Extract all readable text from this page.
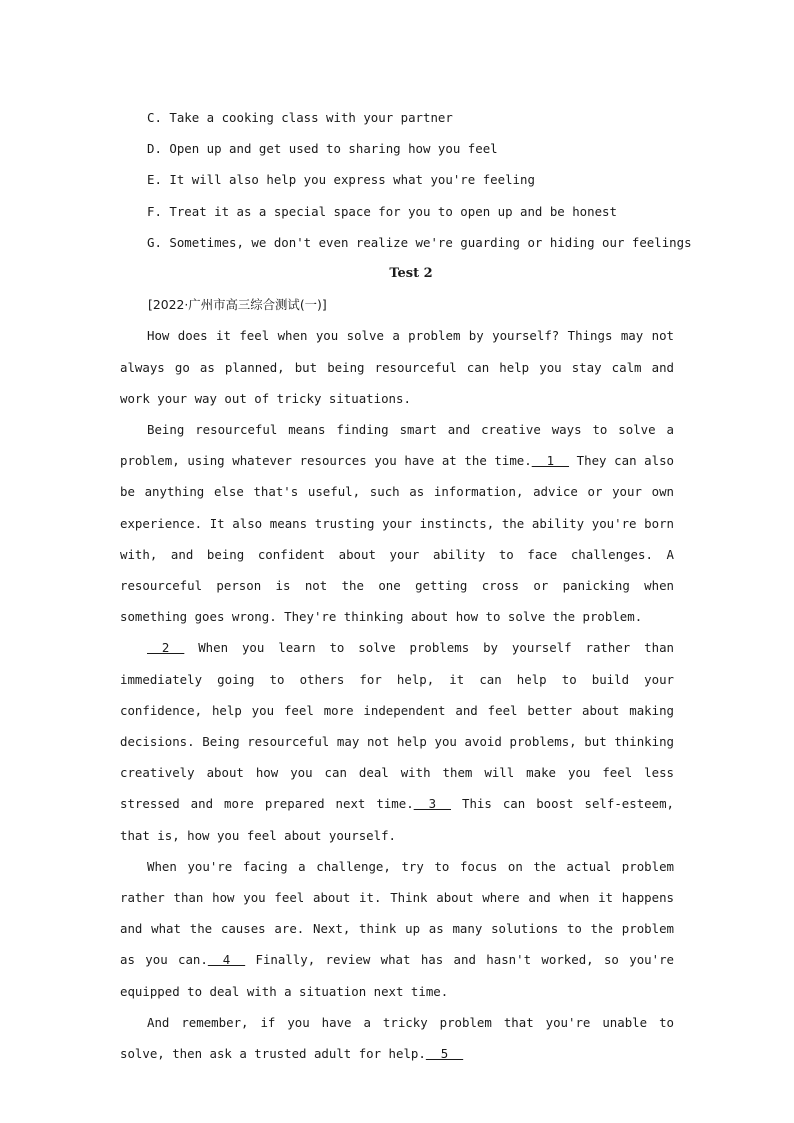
C. Take a cooking class with your partner

D. Open up and get used to sharing how you feel

E. It will also help you express what you're feeling

F. Treat it as a special space for you to open up and be honest

G. Sometimes, we don't even realize we're guarding or hiding our feelings

Test 2

[2022·广州市高三综合测试(一)]

How does it feel when you solve a problem by yourself? Things may not always go as planned, but being resourceful can help you stay calm and work your way out of tricky situations.

Being resourceful means finding smart and creative ways to solve a problem, using whatever resources you have at the time.  1   They can also be anything else that's useful, such as information, advice or your own experience. It also means trusting your instincts, the ability you're born with, and being confident about your ability to face challenges. A resourceful person is not the one getting cross or panicking when something goes wrong. They're thinking about how to solve the problem.

2   When you learn to solve problems by yourself rather than immediately going to others for help, it can help to build your confidence, help you feel more independent and feel better about making decisions. Being resourceful may not help you avoid problems, but thinking creatively about how you can deal with them will make you feel less stressed and more prepared next time.  3   This can boost self-esteem, that is, how you feel about yourself.

When you're facing a challenge, try to focus on the actual problem rather than how you feel about it. Think about where and when it happens and what the causes are. Next, think up as many solutions to the problem as you can.  4   Finally, review what has and hasn't worked, so you're equipped to deal with a situation next time.

And remember, if you have a tricky problem that you're unable to solve, then ask a trusted adult for help.  5
